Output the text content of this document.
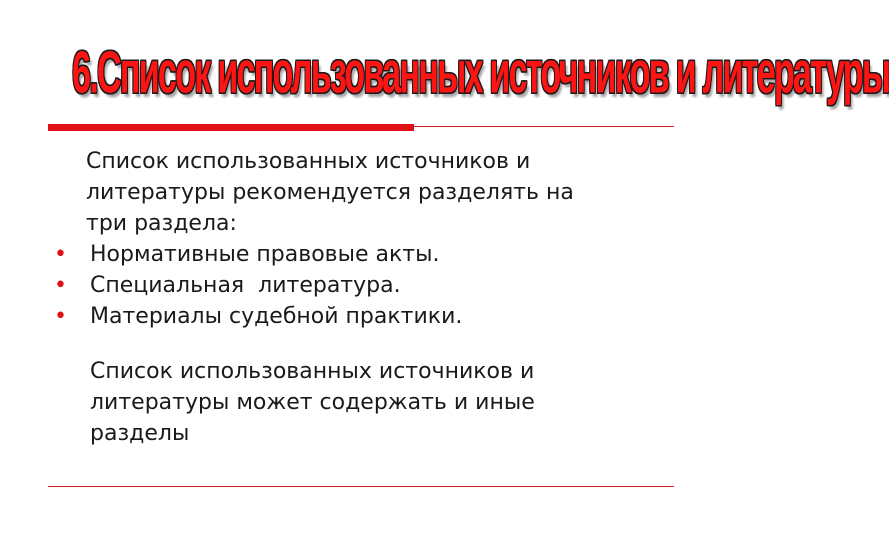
6.Список использованных источников и литературы
Список использованных источников и
литературы рекомендуется разделять на
три раздела:
•	Нормативные правовые акты.
•	Специальная  литература.
•	Материалы судебной практики.
Список использованных источников и
литературы может содержать и иные
разделы
